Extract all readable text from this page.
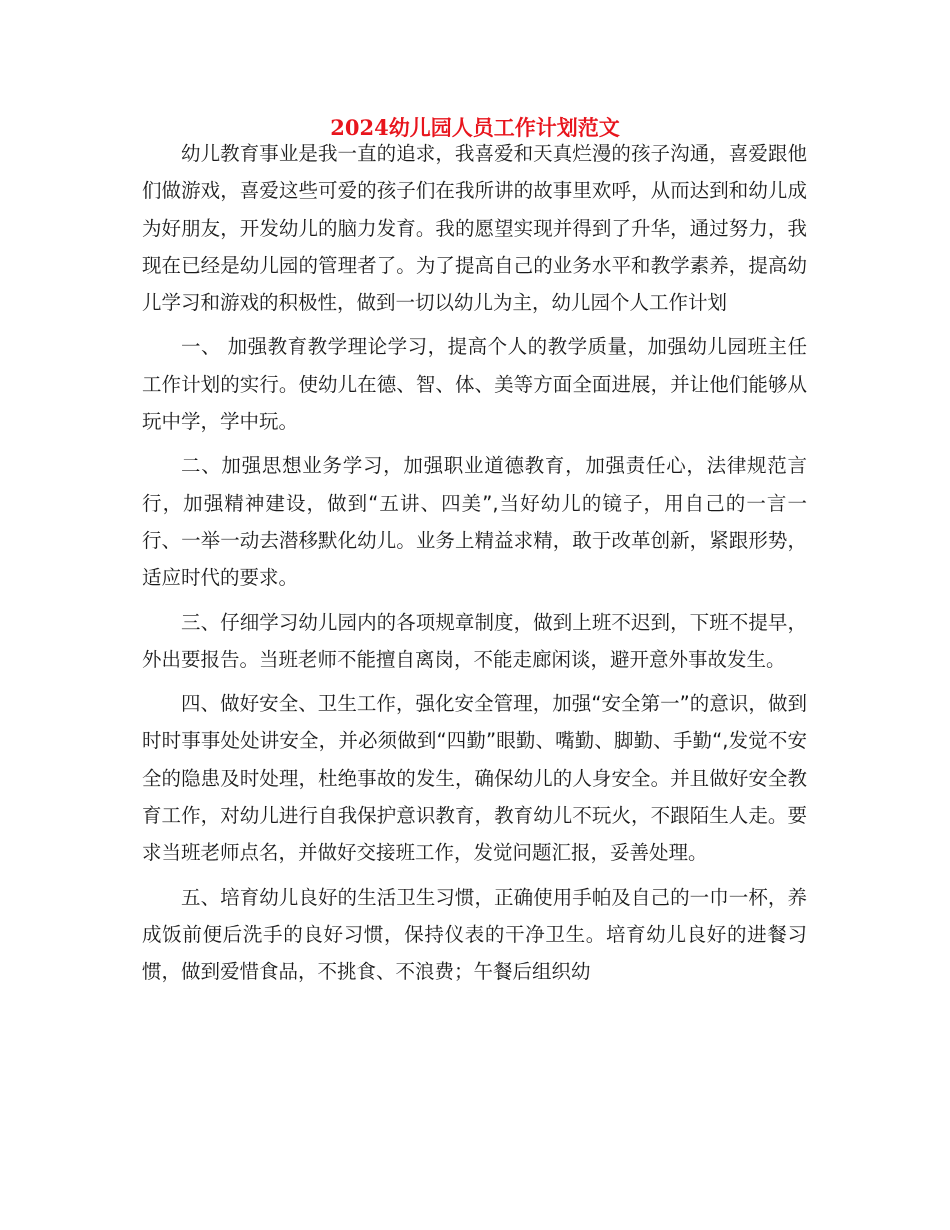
2024幼儿园人员工作计划范文

幼儿教育事业是我一直的追求，我喜爱和天真烂漫的孩子沟通，喜爱跟他们做游戏，喜爱这些可爱的孩子们在我所讲的故事里欢呼，从而达到和幼儿成为好朋友，开发幼儿的脑力发育。我的愿望实现并得到了升华，通过努力，我现在已经是幼儿园的管理者了。为了提高自己的业务水平和教学素养，提高幼儿学习和游戏的积极性，做到一切以幼儿为主，幼儿园个人工作计划

一、 加强教育教学理论学习，提高个人的教学质量，加强幼儿园班主任工作计划的实行。使幼儿在德、智、体、美等方面全面进展，并让他们能够从玩中学，学中玩。

二、加强思想业务学习，加强职业道德教育，加强责任心，法律规范言行，加强精神建设，做到“五讲、四美”,当好幼儿的镜子，用自己的一言一行、一举一动去潜移默化幼儿。业务上精益求精，敢于改革创新，紧跟形势，适应时代的要求。

三、仔细学习幼儿园内的各项规章制度，做到上班不迟到，下班不提早，外出要报告。当班老师不能擅自离岗，不能走廊闲谈，避开意外事故发生。

四、做好安全、卫生工作，强化安全管理，加强“安全第一”的意识，做到时时事事处处讲安全，并必须做到“四勤”眼勤、嘴勤、脚勤、手勤“,发觉不安全的隐患及时处理，杜绝事故的发生，确保幼儿的人身安全。并且做好安全教育工作，对幼儿进行自我保护意识教育，教育幼儿不玩火，不跟陌生人走。要求当班老师点名，并做好交接班工作，发觉问题汇报，妥善处理。

五、培育幼儿良好的生活卫生习惯，正确使用手帕及自己的一巾一杯，养成饭前便后洗手的良好习惯，保持仪表的干净卫生。培育幼儿良好的进餐习惯，做到爱惜食品，不挑食、不浪费；午餐后组织幼
